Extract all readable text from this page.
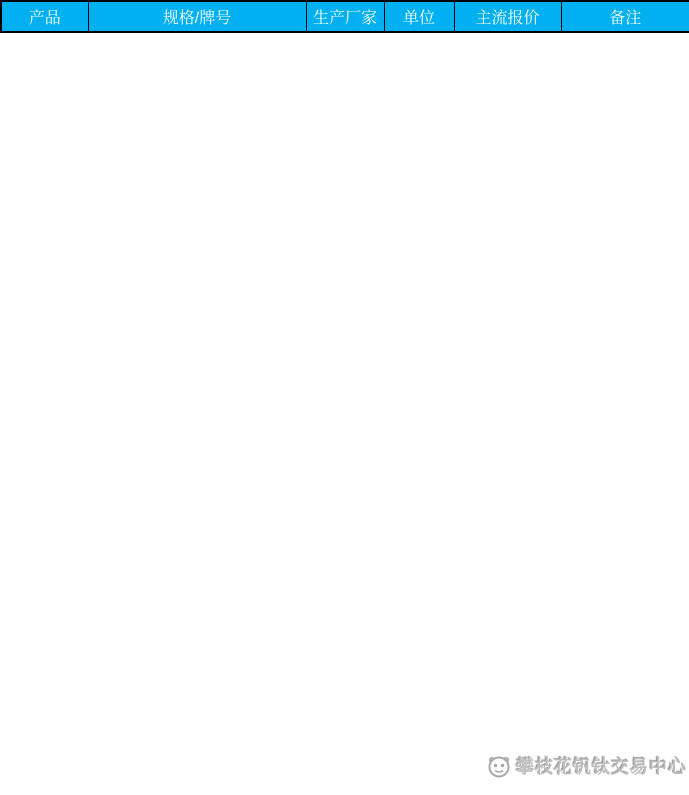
产品	规格/牌号	生产厂家	单位	主流报价	备注
攀枝花钒钛交易中心
